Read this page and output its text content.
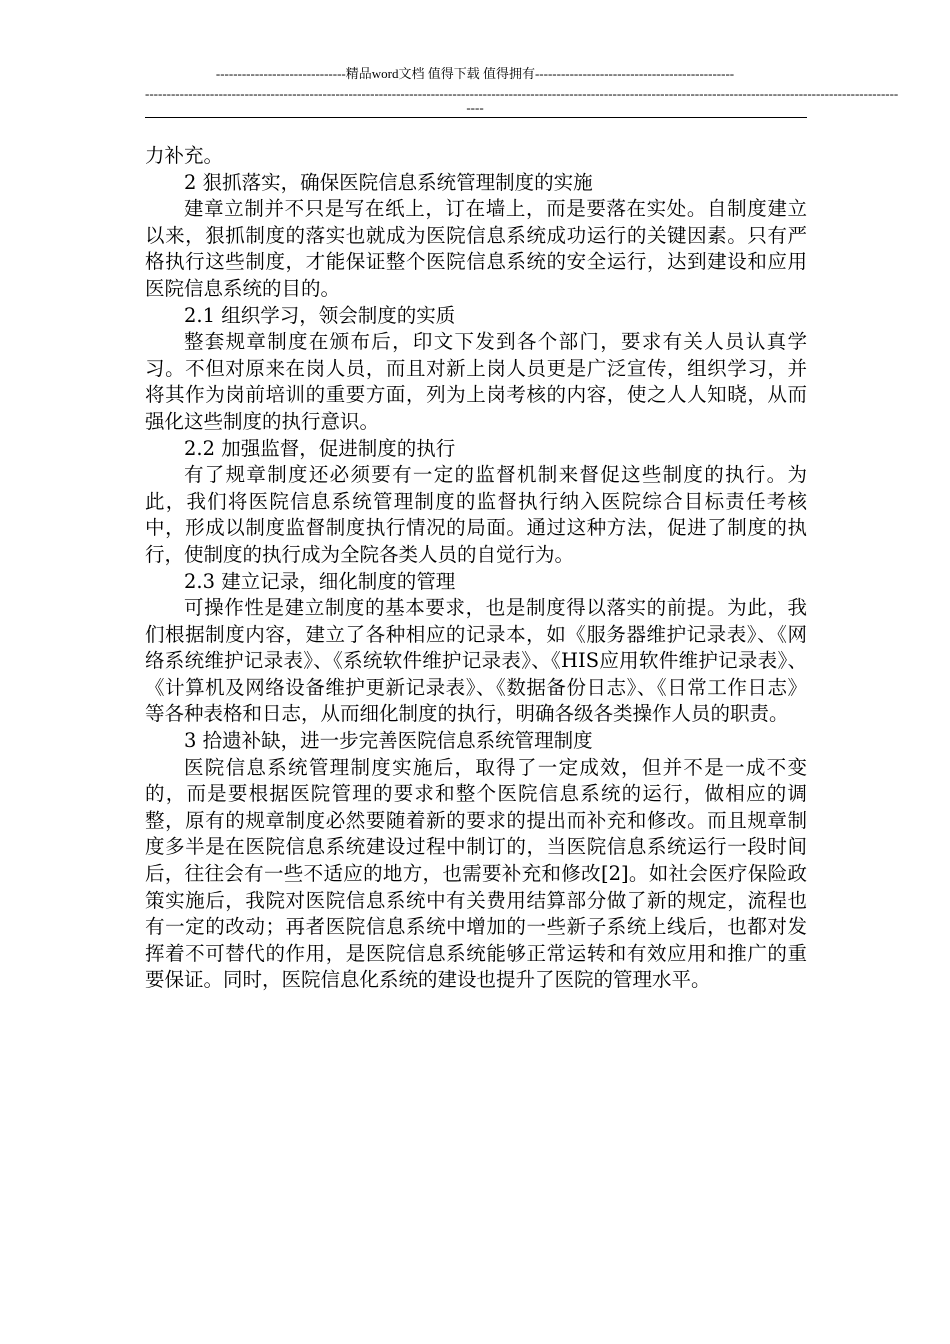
------------------------------精品word文档 值得下载 值得拥有----------------------------------------------
------------------------------------------------------------------------------------------------------------------------------------------------------------------------------
----

力补充。

2 狠抓落实，确保医院信息系统管理制度的实施

建章立制并不只是写在纸上，订在墙上，而是要落在实处。自制度建立以来，狠抓制度的落实也就成为医院信息系统成功运行的关键因素。只有严格执行这些制度，才能保证整个医院信息系统的安全运行，达到建设和应用医院信息系统的目的。

2.1 组织学习，领会制度的实质

整套规章制度在颁布后，印文下发到各个部门，要求有关人员认真学习。不但对原来在岗人员，而且对新上岗人员更是广泛宣传，组织学习，并将其作为岗前培训的重要方面，列为上岗考核的内容，使之人人知晓，从而强化这些制度的执行意识。

2.2 加强监督，促进制度的执行

有了规章制度还必须要有一定的监督机制来督促这些制度的执行。为此，我们将医院信息系统管理制度的监督执行纳入医院综合目标责任考核中，形成以制度监督制度执行情况的局面。通过这种方法，促进了制度的执行，使制度的执行成为全院各类人员的自觉行为。

2.3 建立记录，细化制度的管理

可操作性是建立制度的基本要求，也是制度得以落实的前提。为此，我们根据制度内容，建立了各种相应的记录本，如《服务器维护记录表》、《网络系统维护记录表》、《系统软件维护记录表》、《HIS应用软件维护记录表》、《计算机及网络设备维护更新记录表》、《数据备份日志》、《日常工作日志》等各种表格和日志，从而细化制度的执行，明确各级各类操作人员的职责。

3 拾遗补缺，进一步完善医院信息系统管理制度

医院信息系统管理制度实施后，取得了一定成效，但并不是一成不变的，而是要根据医院管理的要求和整个医院信息系统的运行，做相应的调整，原有的规章制度必然要随着新的要求的提出而补充和修改。而且规章制度多半是在医院信息系统建设过程中制订的，当医院信息系统运行一段时间后，往往会有一些不适应的地方，也需要补充和修改[2]。如社会医疗保险政策实施后，我院对医院信息系统中有关费用结算部分做了新的规定，流程也有一定的改动；再者医院信息系统中增加的一些新子系统上线后，也都对发挥着不可替代的作用，是医院信息系统能够正常运转和有效应用和推广的重要保证。同时，医院信息化系统的建设也提升了医院的管理水平。
